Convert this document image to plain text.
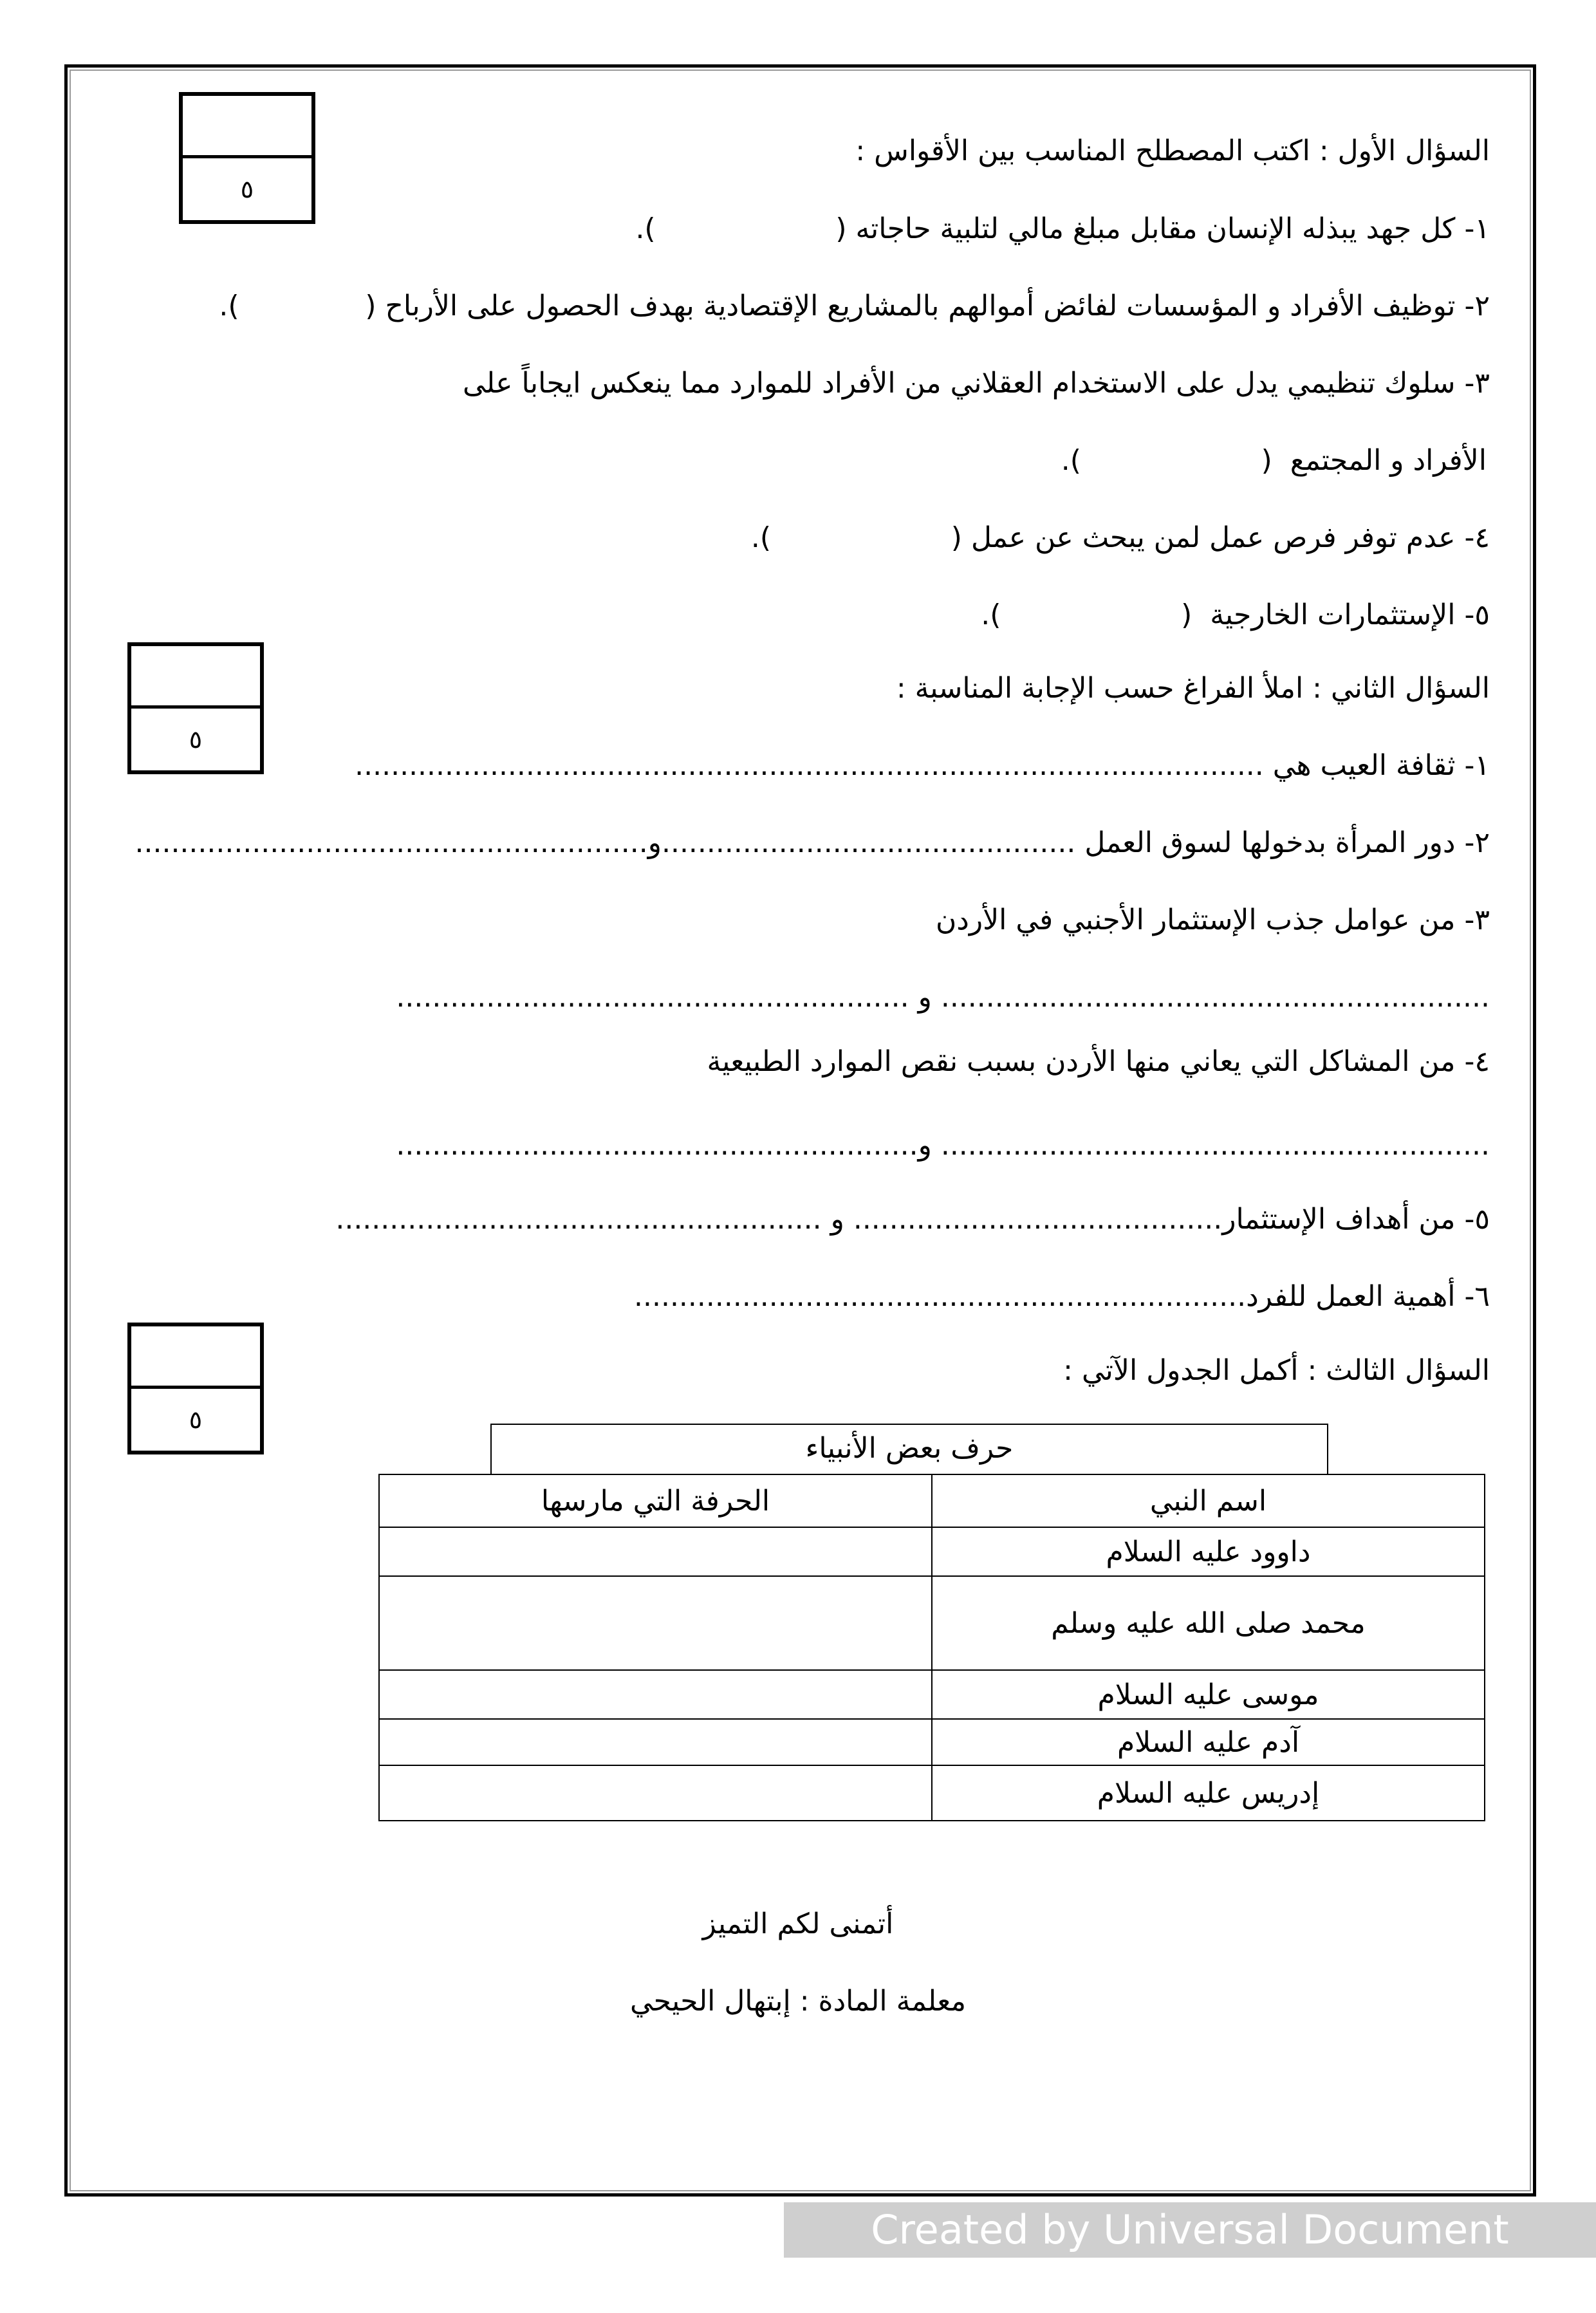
٥
السؤال الأول : اكتب المصطلح المناسب بين الأقواس :
١- كل جهد يبذله الإنسان مقابل مبلغ مالي لتلبية حاجاته (                    ).
٢- توظيف الأفراد و المؤسسات لفائض أموالهم بالمشاريع الإقتصادية بهدف الحصول على الأرباح (              ).
٣- سلوك تنظيمي يدل على الاستخدام العقلاني من الأفراد للموارد مما ينعكس ايجاباً على
الأفراد و المجتمع  (                    ).
٤- عدم توفر فرص عمل لمن يبحث عن عمل (                    ).
٥- الإستثمارات الخارجية  (                    ).
٥
السؤال الثاني : املأ الفراغ حسب الإجابة المناسبة :
١- ثقافة العيب هي .....................................................................................................
٢- دور المرأة بدخولها لسوق العمل ..............................................و.........................................................
٣- من عوامل جذب الإستثمار الأجنبي في الأردن
............................................................. و .........................................................
٤- من المشاكل التي يعاني منها الأردن بسبب نقص الموارد الطبيعية
............................................................. و..........................................................
٥- من أهداف الإستثمار......................................... و ......................................................
٦- أهمية العمل للفرد....................................................................
٥
السؤال الثالث : أكمل الجدول الآتي :
حرف بعض الأنبياء
اسم النبي	الحرفة التي مارسها
داوود عليه السلام	
محمد صلى الله عليه وسلم	
موسى عليه السلام	
آدم عليه السلام	
إدريس عليه السلام	
أتمنى لكم التميز
معلمة المادة : إبتهال الحيحي
Created by Universal Document Converter
